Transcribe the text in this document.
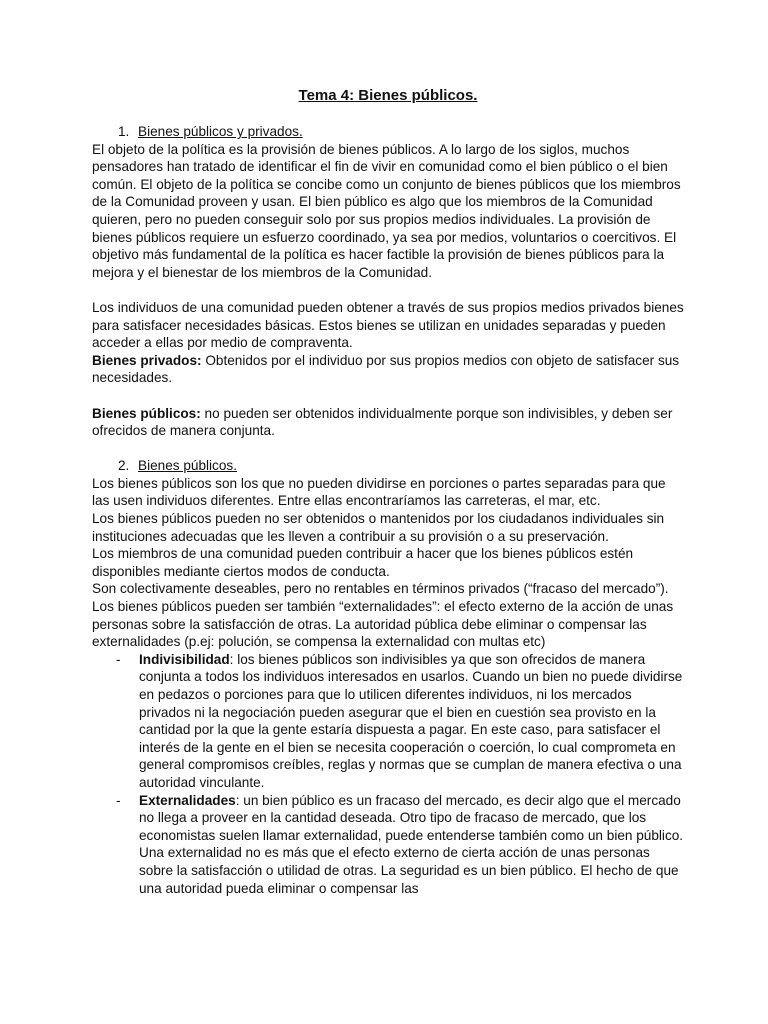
Tema 4: Bienes públicos.
1. Bienes públicos y privados.

El objeto de la política es la provisión de bienes públicos. A lo largo de los siglos, muchos pensadores han tratado de identificar el fin de vivir en comunidad como el bien público o el bien común. El objeto de la política se concibe como un conjunto de bienes públicos que los miembros de la Comunidad proveen y usan. El bien público es algo que los miembros de la Comunidad quieren, pero no pueden conseguir solo por sus propios medios individuales. La provisión de bienes públicos requiere un esfuerzo coordinado, ya sea por medios, voluntarios o coercitivos. El objetivo más fundamental de la política es hacer factible la provisión de bienes públicos para la mejora y el bienestar de los miembros de la Comunidad.

Los individuos de una comunidad pueden obtener a través de sus propios medios privados bienes para satisfacer necesidades básicas. Estos bienes se utilizan en unidades separadas y pueden acceder a ellas por medio de compraventa.

Bienes privados: Obtenidos por el individuo por sus propios medios con objeto de satisfacer sus necesidades.

Bienes públicos: no pueden ser obtenidos individualmente porque son indivisibles, y deben ser ofrecidos de manera conjunta.

2. Bienes públicos.

Los bienes públicos son los que no pueden dividirse en porciones o partes separadas para que las usen individuos diferentes. Entre ellas encontraríamos las carreteras, el mar, etc.

Los bienes públicos pueden no ser obtenidos o mantenidos por los ciudadanos individuales sin instituciones adecuadas que les lleven a contribuir a su provisión o a su preservación.

Los miembros de una comunidad pueden contribuir a hacer que los bienes públicos estén disponibles mediante ciertos modos de conducta.

Son colectivamente deseables, pero no rentables en términos privados (“fracaso del mercado”). Los bienes públicos pueden ser también “externalidades”: el efecto externo de la acción de unas personas sobre la satisfacción de otras. La autoridad pública debe eliminar o compensar las externalidades (p.ej: polución, se compensa la externalidad con multas etc)

-	Indivisibilidad: los bienes públicos son indivisibles ya que son ofrecidos de manera conjunta a todos los individuos interesados en usarlos. Cuando un bien no puede dividirse en pedazos o porciones para que lo utilicen diferentes individuos, ni los mercados privados ni la negociación pueden asegurar que el bien en cuestión sea provisto en la cantidad por la que la gente estaría dispuesta a pagar. En este caso, para satisfacer el interés de la gente en el bien se necesita cooperación o coerción, lo cual comprometa en general compromisos creíbles, reglas y normas que se cumplan de manera efectiva o una autoridad vinculante.
-	Externalidades: un bien público es un fracaso del mercado, es decir algo que el mercado no llega a proveer en la cantidad deseada. Otro tipo de fracaso de mercado, que los economistas suelen llamar externalidad, puede entenderse también como un bien público. Una externalidad no es más que el efecto externo de cierta acción de unas personas sobre la satisfacción o utilidad de otras. La seguridad es un bien público. El hecho de que una autoridad pueda eliminar o compensar las
